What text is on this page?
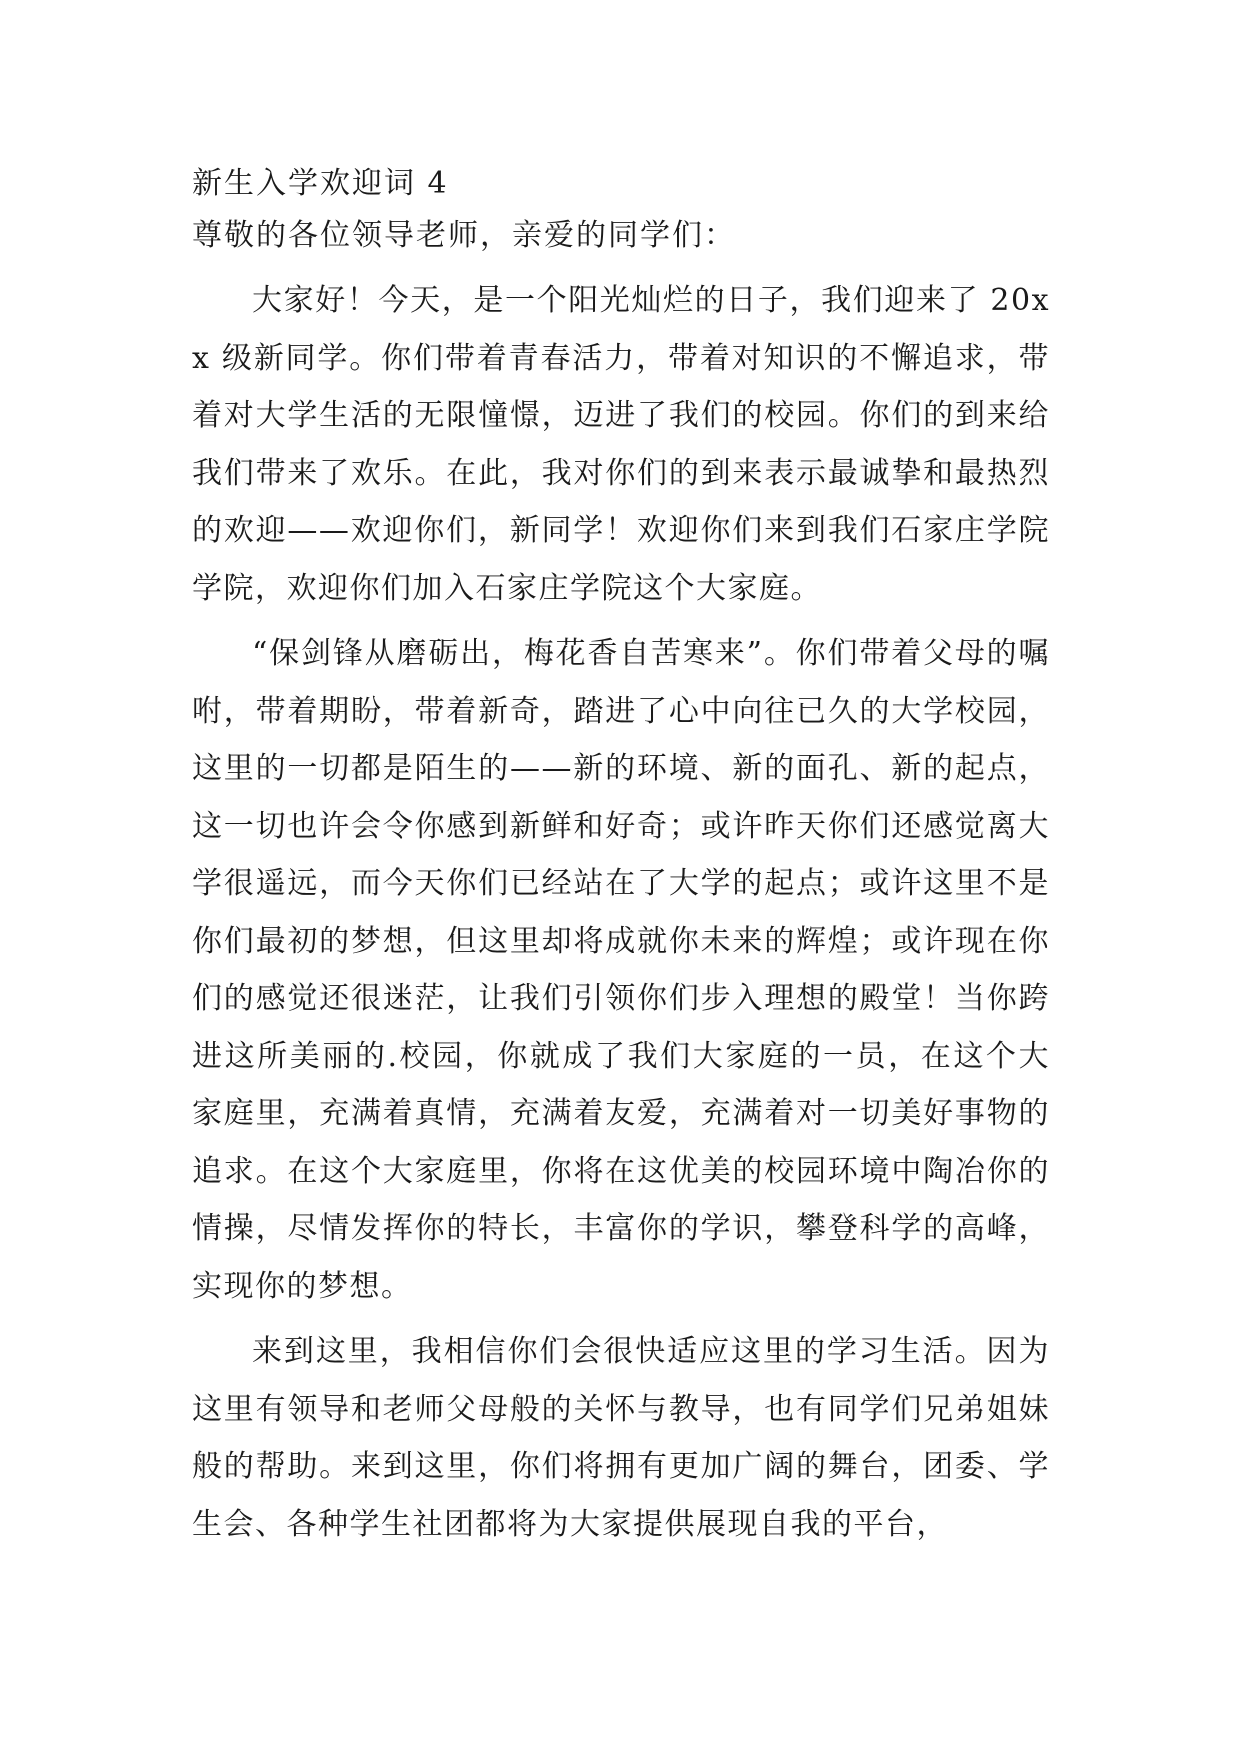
新生入学欢迎词 4

尊敬的各位领导老师，亲爱的同学们：

大家好！今天，是一个阳光灿烂的日子，我们迎来了 20xx 级新同学。你们带着青春活力，带着对知识的不懈追求，带着对大学生活的无限憧憬，迈进了我们的校园。你们的到来给我们带来了欢乐。在此，我对你们的到来表示最诚挚和最热烈的欢迎——欢迎你们，新同学！欢迎你们来到我们石家庄学院学院，欢迎你们加入石家庄学院这个大家庭。

“保剑锋从磨砺出，梅花香自苦寒来”。你们带着父母的嘱咐，带着期盼，带着新奇，踏进了心中向往已久的大学校园，这里的一切都是陌生的——新的环境、新的面孔、新的起点，这一切也许会令你感到新鲜和好奇；或许昨天你们还感觉离大学很遥远，而今天你们已经站在了大学的起点；或许这里不是你们最初的梦想，但这里却将成就你未来的辉煌；或许现在你们的感觉还很迷茫，让我们引领你们步入理想的殿堂！当你跨进这所美丽的.校园，你就成了我们大家庭的一员，在这个大家庭里，充满着真情，充满着友爱，充满着对一切美好事物的追求。在这个大家庭里，你将在这优美的校园环境中陶冶你的情操，尽情发挥你的特长，丰富你的学识，攀登科学的高峰，实现你的梦想。

来到这里，我相信你们会很快适应这里的学习生活。因为这里有领导和老师父母般的关怀与教导，也有同学们兄弟姐妹般的帮助。来到这里，你们将拥有更加广阔的舞台，团委、学生会、各种学生社团都将为大家提供展现自我的平台，
